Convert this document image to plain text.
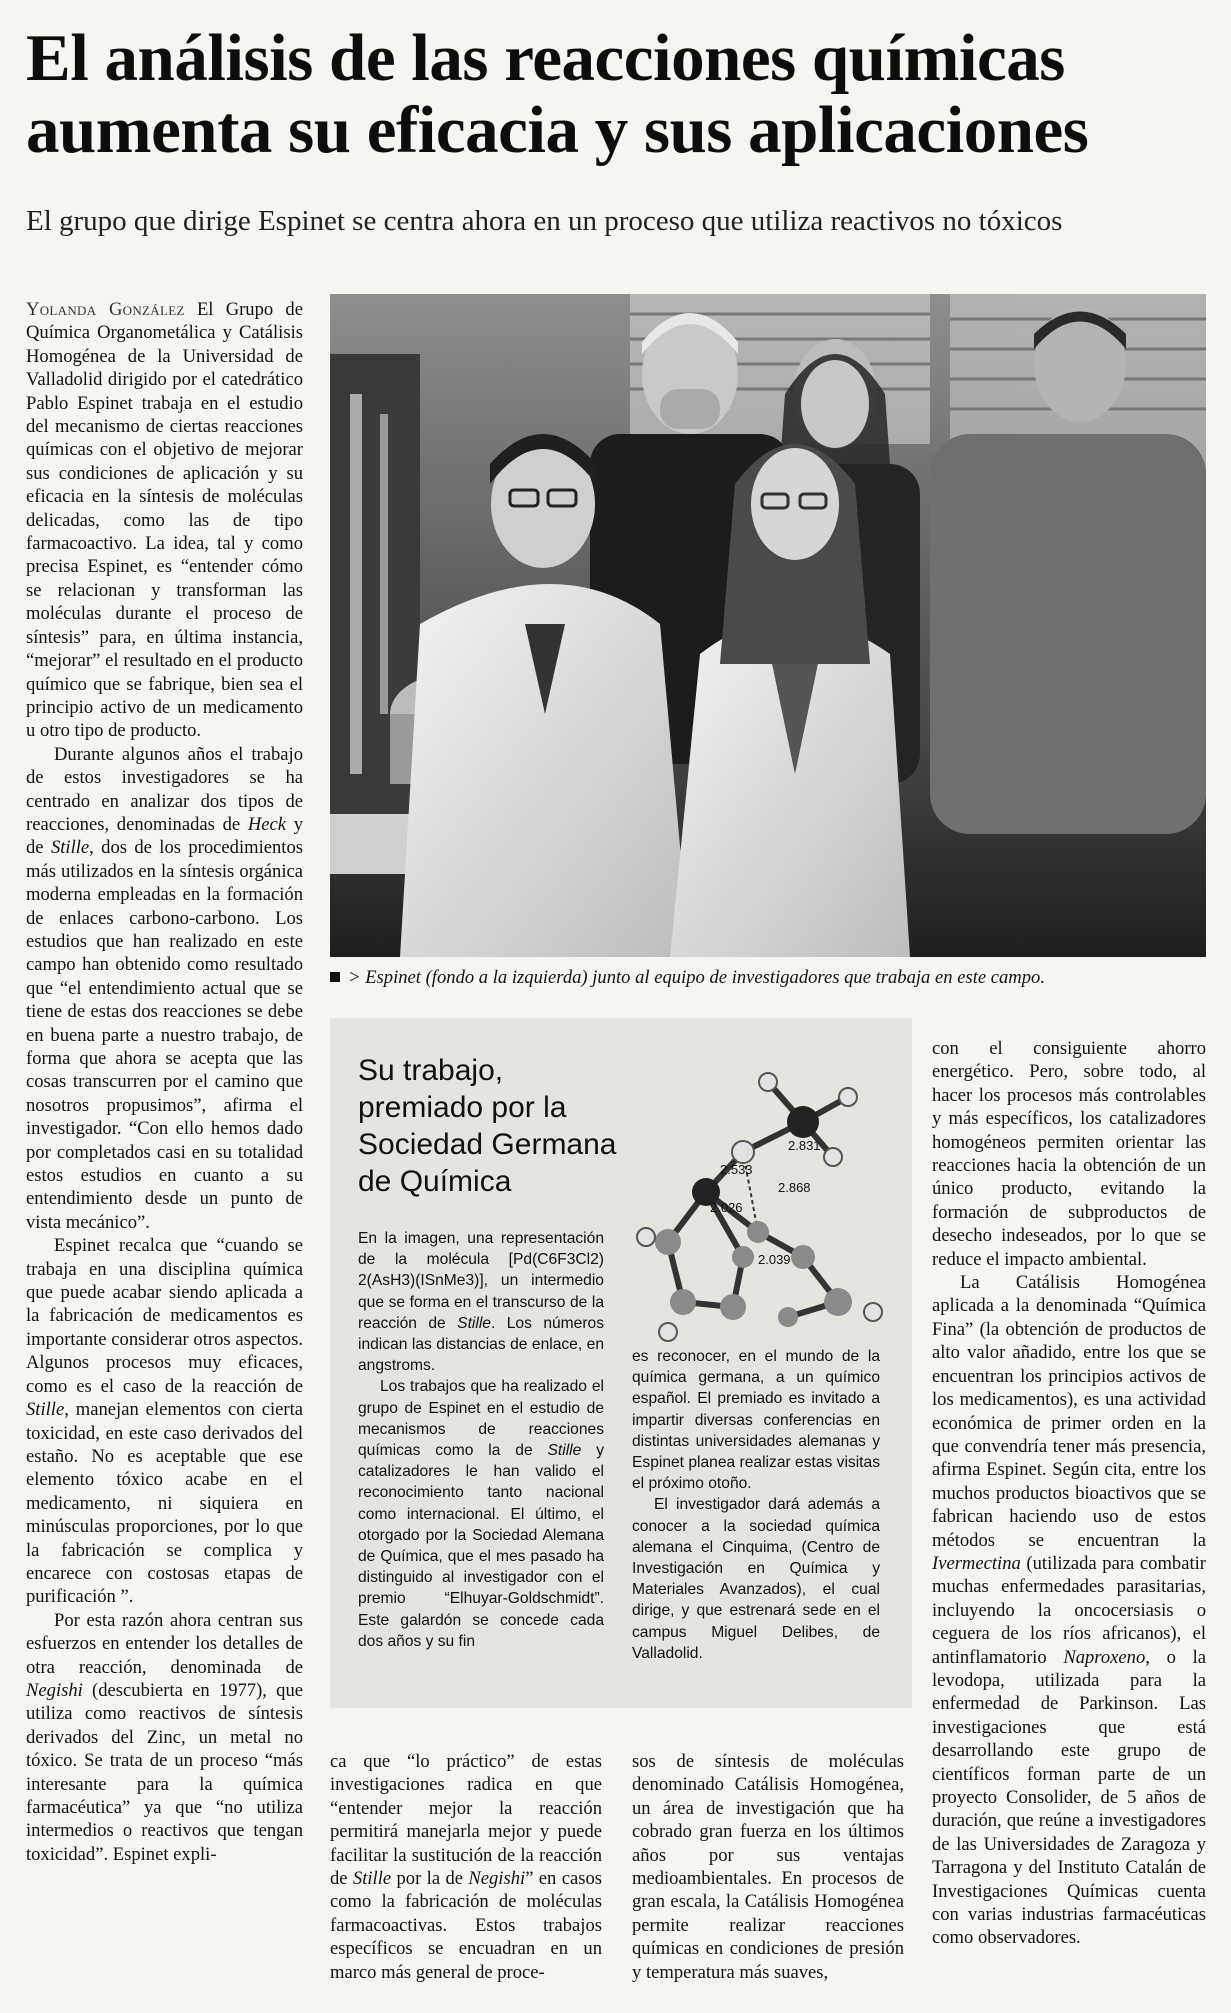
El análisis de las reacciones químicas aumenta su eficacia y sus aplicaciones
El grupo que dirige Espinet se centra ahora en un proceso que utiliza reactivos no tóxicos

Yolanda González El Grupo de Química Organometálica y Catálisis Homogénea de la Universidad de Valladolid dirigido por el catedrático Pablo Espinet trabaja en el estudio del mecanismo de ciertas reacciones químicas con el objetivo de mejorar sus condiciones de aplicación y su eficacia en la síntesis de moléculas delicadas, como las de tipo farmacoactivo. La idea, tal y como precisa Espinet, es “entender cómo se relacionan y transforman las moléculas durante el proceso de síntesis” para, en última instancia, “mejorar” el resultado en el producto químico que se fabrique, bien sea el principio activo de un medicamento u otro tipo de producto.

Durante algunos años el trabajo de estos investigadores se ha centrado en analizar dos tipos de reacciones, denominadas de Heck y de Stille, dos de los procedimientos más utilizados en la síntesis orgánica moderna empleadas en la formación de enlaces carbono-carbono. Los estudios que han realizado en este campo han obtenido como resultado que “el entendimiento actual que se tiene de estas dos reacciones se debe en buena parte a nuestro trabajo, de forma que ahora se acepta que las cosas transcurren por el camino que nosotros propusimos”, afirma el investigador. “Con ello hemos dado por completados casi en su totalidad estos estudios en cuanto a su entendimiento desde un punto de vista mecánico”.

Espinet recalca que “cuando se trabaja en una disciplina química que puede acabar siendo aplicada a la fabricación de medicamentos es importante considerar otros aspectos. Algunos procesos muy eficaces, como es el caso de la reacción de Stille, manejan elementos con cierta toxicidad, en este caso derivados del estaño. No es aceptable que ese elemento tóxico acabe en el medicamento, ni siquiera en minúsculas proporciones, por lo que la fabricación se complica y encarece con costosas etapas de purificación ”.

Por esta razón ahora centran sus esfuerzos en entender los detalles de otra reacción, denominada de Negishi (descubierta en 1977), que utiliza como reactivos de síntesis derivados del Zinc, un metal no tóxico. Se trata de un proceso “más interesante para la química farmacéutica” ya que “no utiliza intermedios o reactivos que tengan toxicidad”. Espinet expli-

> Espinet (fondo a la izquierda) junto al equipo de investigadores que trabaja en este campo.
Su trabajo, premiado por la Sociedad Germana de Química
2.831
2.533
2.868
2.026
2.039

En la imagen, una representación de la molécula [Pd(C6F3Cl2) 2(AsH3)(ISnMe3)], un intermedio que se forma en el transcurso de la reacción de Stille. Los números indican las distancias de enlace, en angstroms.

Los trabajos que ha realizado el grupo de Espinet en el estudio de mecanismos de reacciones químicas como la de Stille y catalizadores le han valido el reconocimiento tanto nacional como internacional. El último, el otorgado por la Sociedad Alemana de Química, que el mes pasado ha distinguido al investigador con el premio “Elhuyar-Goldschmidt”. Este galardón se concede cada dos años y su fin

es reconocer, en el mundo de la química germana, a un químico español. El premiado es invitado a impartir diversas conferencias en distintas universidades alemanas y Espinet planea realizar estas visitas el próximo otoño.

El investigador dará además a conocer a la sociedad química alemana el Cinquima, (Centro de Investigación en Química y Materiales Avanzados), el cual dirige, y que estrenará sede en el campus Miguel Delibes, de Valladolid.

ca que “lo práctico” de estas investigaciones radica en que “entender mejor la reacción permitirá manejarla mejor y puede facilitar la sustitución de la reacción de Stille por la de Negishi” en casos como la fabricación de moléculas farmacoactivas. Estos trabajos específicos se encuadran en un marco más general de proce-

sos de síntesis de moléculas denominado Catálisis Homogénea, un área de investigación que ha cobrado gran fuerza en los últimos años por sus ventajas medioambientales. En procesos de gran escala, la Catálisis Homogénea permite realizar reacciones químicas en condiciones de presión y temperatura más suaves,

con el consiguiente ahorro energético. Pero, sobre todo, al hacer los procesos más controlables y más específicos, los catalizadores homogéneos permiten orientar las reacciones hacia la obtención de un único producto, evitando la formación de subproductos de desecho indeseados, por lo que se reduce el impacto ambiental.

La Catálisis Homogénea aplicada a la denominada “Química Fina” (la obtención de productos de alto valor añadido, entre los que se encuentran los principios activos de los medicamentos), es una actividad económica de primer orden en la que convendría tener más presencia, afirma Espinet. Según cita, entre los muchos productos bioactivos que se fabrican haciendo uso de estos métodos se encuentran la Ivermectina (utilizada para combatir muchas enfermedades parasitarias, incluyendo la oncocersiasis o ceguera de los ríos africanos), el antinflamatorio Naproxeno, o la levodopa, utilizada para la enfermedad de Parkinson. Las investigaciones que está desarrollando este grupo de científicos forman parte de un proyecto Consolider, de 5 años de duración, que reúne a investigadores de las Universidades de Zaragoza y Tarragona y del Instituto Catalán de Investigaciones Químicas cuenta con varias industrias farmacéuticas como observadores.
